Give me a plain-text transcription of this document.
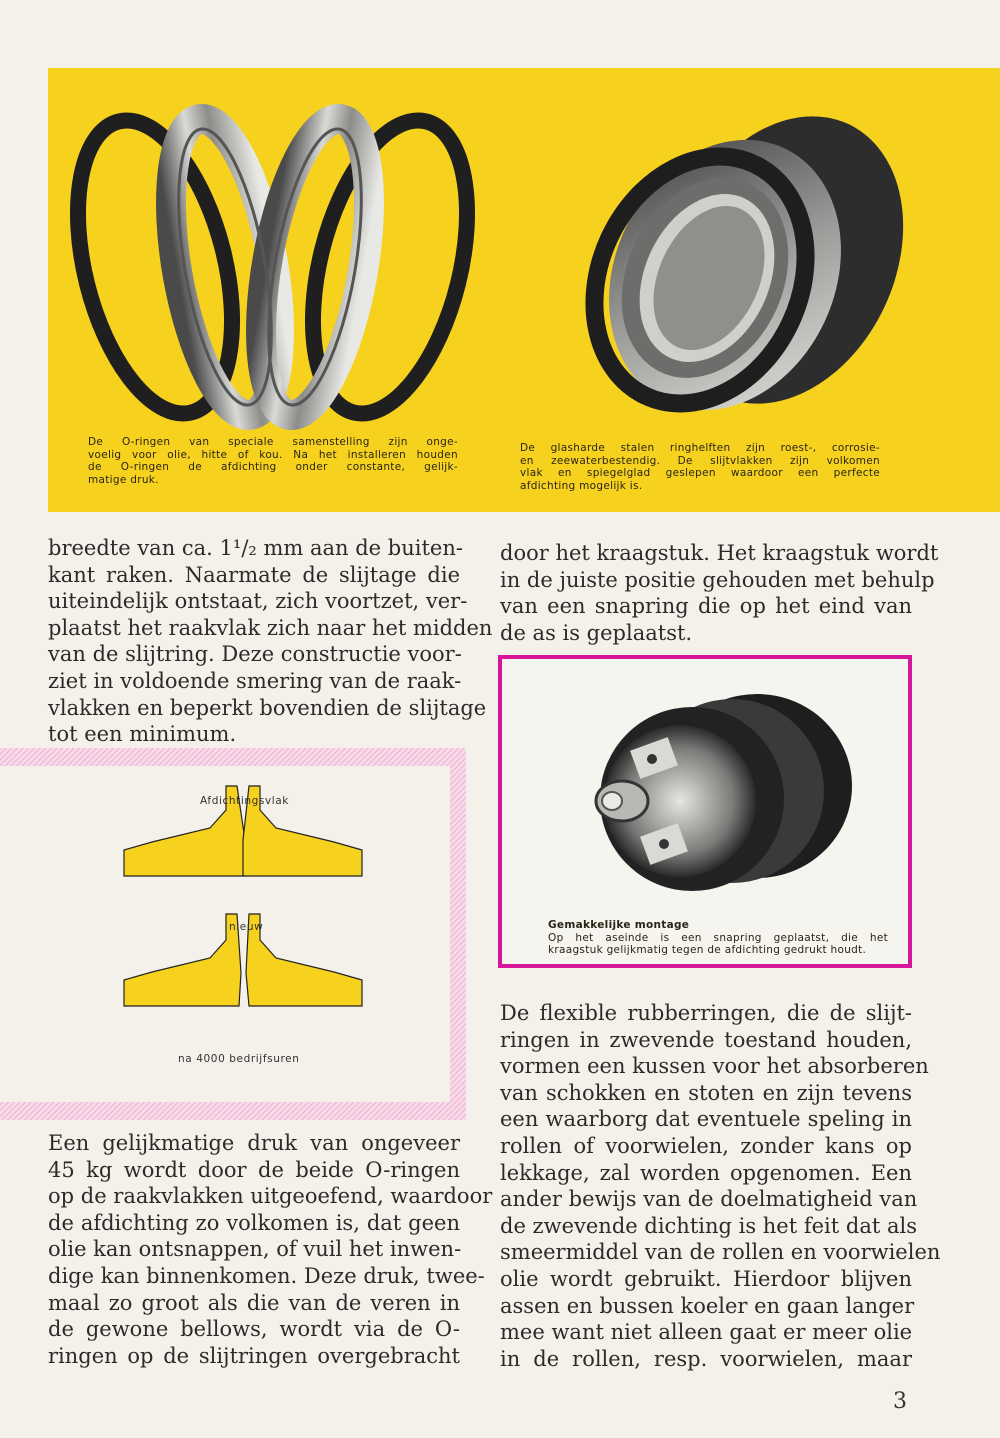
De O-ringen van speciale samenstelling zijn onge-
voelig voor olie, hitte of kou. Na het installeren houden
de O-ringen de afdichting onder constante, gelijk-
matige druk.
De glasharde stalen ringhelften zijn roest-, corrosie-
en zeewaterbestendig. De slijtvlakken zijn volkomen
vlak en spiegelglad geslepen waardoor een perfecte
afdichting mogelijk is.
breedte van ca. 1¹/₂ mm aan de buiten-
kant raken. Naarmate de slijtage die
uiteindelijk ontstaat, zich voortzet, ver-
plaatst het raakvlak zich naar het midden
van de slijtring. Deze constructie voor-
ziet in voldoende smering van de raak-
vlakken en beperkt bovendien de slijtage
tot een minimum.
door het kraagstuk. Het kraagstuk wordt
in de juiste positie gehouden met behulp
van een snapring die op het eind van
de as is geplaatst.
Afdichtingsvlak
nieuw
na 4000 bedrijfsuren
Gemakkelijke montage
Op het aseinde is een snapring geplaatst, die het
kraagstuk gelijkmatig tegen de afdichting gedrukt houdt.
Een gelijkmatige druk van ongeveer
45 kg wordt door de beide O-ringen
op de raakvlakken uitgeoefend, waardoor
de afdichting zo volkomen is, dat geen
olie kan ontsnappen, of vuil het inwen-
dige kan binnenkomen. Deze druk, twee-
maal zo groot als die van de veren in
de gewone bellows, wordt via de O-
ringen op de slijtringen overgebracht
De flexible rubberringen, die de slijt-
ringen in zwevende toestand houden,
vormen een kussen voor het absorberen
van schokken en stoten en zijn tevens
een waarborg dat eventuele speling in
rollen of voorwielen, zonder kans op
lekkage, zal worden opgenomen. Een
ander bewijs van de doelmatigheid van
de zwevende dichting is het feit dat als
smeermiddel van de rollen en voorwielen
olie wordt gebruikt. Hierdoor blijven
assen en bussen koeler en gaan langer
mee want niet alleen gaat er meer olie
in de rollen, resp. voorwielen, maar
3
